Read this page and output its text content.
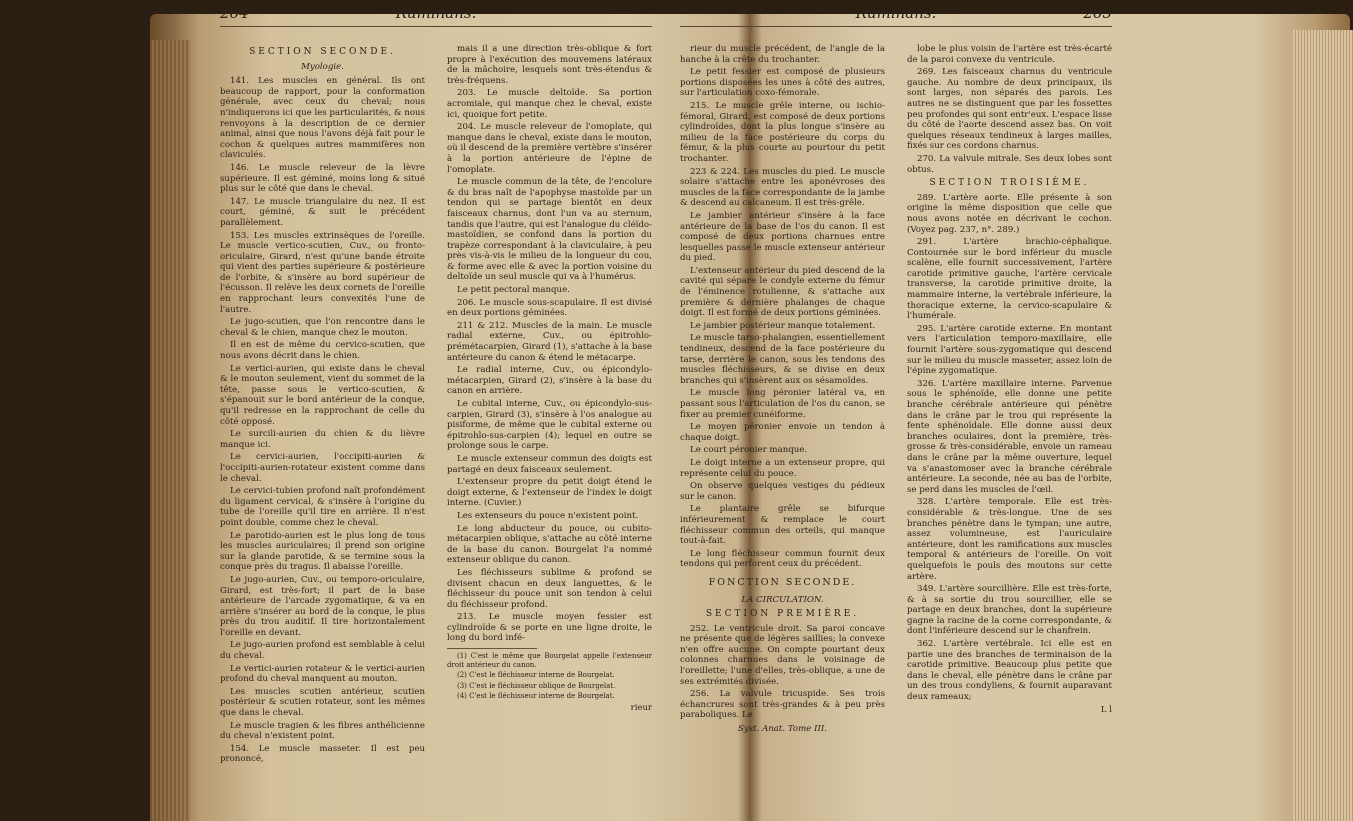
264	Ruminans.
SECTION SECONDE.
Myologie.

141. Les muscles en général. Ils ont beaucoup de rapport, pour la conformation générale, avec ceux du cheval; nous n'indiquerons ici que les particularités, & nous renvoyons à la description de ce dernier animal, ainsi que nous l'avons déjà fait pour le cochon & quelques autres mammifères non claviculés.

146. Le muscle releveur de la lèvre supérieure. Il est géminé, moins long & situé plus sur le côté que dans le cheval.

147. Le muscle triangulaire du nez. Il est court, géminé, & suit le précédent parallèlement.

153. Les muscles extrinsèques de l'oreille. Le muscle vertico-scutien, Cuv., ou fronto-oriculaire, Girard, n'est qu'une bande étroite qui vient des parties supérieure & postérieure de l'orbite, & s'insère au bord supérieur de l'écusson. Il relève les deux cornets de l'oreille en rapprochant leurs convexités l'une de l'autre.

Le jugo-scutien, que l'on rencontre dans le cheval & le chien, manque chez le mouton.

Il en est de même du cervico-scutien, que nous avons décrit dans le chien.

Le vertici-aurien, qui existe dans le cheval & le mouton seulement, vient du sommet de la tête, passe sous le vertico-scutien, & s'épanouit sur le bord antérieur de la conque, qu'il redresse en la rapprochant de celle du côté opposé.

Le surcili-aurien du chien & du lièvre manque ici.

Le cervici-aurien, l'occipiti-aurien & l'occipiti-aurien-rotateur existent comme dans le cheval.

Le cervici-tubien profond naît profondément du ligament cervical, & s'insère à l'origine du tube de l'oreille qu'il tire en arrière. Il n'est point double, comme chez le cheval.

Le parotido-aurien est le plus long de tous les muscles auriculaires; il prend son origine sur la glande parotide, & se termine sous la conque près du tragus. Il abaisse l'oreille.

Le jugo-aurien, Cuv., ou temporo-oriculaire, Girard, est très-fort; il part de la base antérieure de l'arcade zygomatique, & va en arrière s'insérer au bord de la conque, le plus près du trou auditif. Il tire horizontalement l'oreille en devant.

Le jugo-aurien profond est semblable à celui du cheval.

Le vertici-aurien rotateur & le vertici-aurien profond du cheval manquent au mouton.

Les muscles scutien antérieur, scutien postérieur & scutien rotateur, sont les mêmes que dans le cheval.

Le muscle tragien & les fibres anthélicienne du cheval n'existent point.

154. Le muscle masseter. Il est peu prononcé,

mais il a une direction très-oblique & fort propre à l'exécution des mouvemens latéraux de la mâchoire, lesquels sont très-étendus & très-fréquens.

203. Le muscle deltoïde. Sa portion acromiale, qui manque chez le cheval, existe ici, quoique fort petite.

204. Le muscle releveur de l'omoplate, qui manque dans le cheval, existe dans le mouton, où il descend de la première vertèbre s'insérer à la portion antérieure de l'épine de l'omoplate.

Le muscle commun de la tête, de l'encolure & du bras naît de l'apophyse mastoïde par un tendon qui se partage bientôt en deux faisceaux charnus, dont l'un va au sternum, tandis que l'autre, qui est l'analogue du cléïdo-mastoïdien, se confond dans la portion du trapèze correspondant à la claviculaire, à peu près vis-à-vis le milieu de la longueur du cou, & forme avec elle & avec la portion voisine du deltoïde un seul muscle qui va à l'humérus.

Le petit pectoral manque.

206. Le muscle sous-scapulaire. Il est divisé en deux portions géminées.

211 & 212. Muscles de la main. Le muscle radial externe, Cuv., ou épitrohlo-prémétacarpien, Girard (1), s'attache à la base antérieure du canon & étend le métacarpe.

Le radial interne, Cuv., ou épicondylo-métacarpien, Girard (2), s'insère à la base du canon en arrière.

Le cubital interne, Cuv., ou épicondylo-sus-carpien, Girard (3), s'insère à l'os analogue au pisiforme, de même que le cubital externe ou épitrohlo-sus-carpien (4); lequel en outre se prolonge sous le carpe.

Le muscle extenseur commun des doigts est partagé en deux faisceaux seulement.

L'extenseur propre du petit doigt étend le doigt externe, & l'extenseur de l'index le doigt interne. (Cuvier.)

Les extenseurs du pouce n'existent point.

Le long abducteur du pouce, ou cubito-métacarpien oblique, s'attache au côté interne de la base du canon. Bourgelat l'a nommé extenseur oblique du canon.

Les fléchisseurs sublime & profond se divisent chacun en deux languettes, & le fléchisseur du pouce unit son tendon à celui du fléchisseur profond.

213. Le muscle moyen fessier est cylindroïde & se porte en une ligne droite, le long du bord infé-

(1) C'est le même que Bourgelat appelle l'extenseur droit antérieur du canon.

(2) C'est le fléchisseur interne de Bourgelat.

(3) C'est le fléchisseur oblique de Bourgelat.

(4) C'est le fléchisseur interne de Bourgelat.

rieur
Ruminans.	265

rieur du muscle précédent, de l'angle de la hanche à la crête du trochanter.

Le petit fessier est composé de plusieurs portions disposées les unes à côté des autres, sur l'articulation coxo-fémorale.

215. Le muscle grêle interne, ou ischio-fémoral, Girard, est composé de deux portions cylindroïdes, dont la plus longue s'insère au milieu de la face postérieure du corps du fémur, & la plus courte au pourtour du petit trochanter.

223 & 224. Les muscles du pied. Le muscle solaire s'attache entre les aponévroses des muscles de la face correspondante de la jambe & descend au calcaneum. Il est très-grêle.

Le jambier antérieur s'insère à la face antérieure de la base de l'os du canon. Il est composé de deux portions charnues entre lesquelles passe le muscle extenseur antérieur du pied.

L'extenseur antérieur du pied descend de la cavité qui sépare le condyle externe du fémur de l'éminence rotulienne, & s'attache aux première & dernière phalanges de chaque doigt. Il est formé de deux portions géminées.

Le jambier postérieur manque totalement.

Le muscle tarso-phalangien, essentiellement tendineux, descend de la face postérieure du tarse, derrière le canon, sous les tendons des muscles fléchisseurs, & se divise en deux branches qui s'insèrent aux os sésamoïdes.

Le muscle long péronier latéral va, en passant sous l'articulation de l'os du canon, se fixer au premier cunéiforme.

Le moyen péronier envoie un tendon à chaque doigt.

Le court péronier manque.

Le doigt interne a un extenseur propre, qui représente celui du pouce.

On observe quelques vestiges du pédieux sur le canon.

Le plantaire grêle se bifurque inférieurement & remplace le court fléchisseur commun des orteils, qui manque tout-à-fait.

Le long fléchisseur commun fournit deux tendons qui perforent ceux du précédent.

FONCTION SECONDE.
LA CIRCULATION.
SECTION PREMIÈRE.

252. Le ventricule droit. Sa paroi concave ne présente que de légères saillies; la convexe n'en offre aucune. On compte pourtant deux colonnes charnues dans le voisinage de l'oreillette; l'une d'elles, très-oblique, a une de ses extrémités divisée.

256. La valvule tricuspide. Ses trois échancrures sont très-grandes & à peu près paraboliques. Le

Syst. Anat. Tome III.

lobe le plus voisin de l'artère est très-écarté de la paroi convexe du ventricule.

269. Les faisceaux charnus du ventricule gauche. Au nombre de deux principaux, ils sont larges, non séparés des parois. Les autres ne se distinguent que par les fossettes peu profondes qui sont entr'eux. L'espace lisse du côté de l'aorte descend assez bas. On voit quelques réseaux tendineux à larges mailles, fixés sur ces cordons charnus.

270. La valvule mitrale. Ses deux lobes sont obtus.

SECTION TROISIÈME.

289. L'artère aorte. Elle présente à son origine la même disposition que celle que nous avons notée en décrivant le cochon. (Voyez pag. 237, n°. 289.)

291. L'artère brachio-céphalique. Contournée sur le bord inférieur du muscle scalène, elle fournit successivement, l'artère carotide primitive gauche, l'artère cervicale transverse, la carotide primitive droite, la mammaire interne, la vertébrale inférieure, la thoracique externe, la cervico-scapulaire & l'humérale.

295. L'artère carotide externe. En montant vers l'articulation temporo-maxillaire, elle fournit l'artère sous-zygomatique qui descend sur le milieu du muscle masseter, assez loin de l'épine zygomatique.

326. L'artère maxillaire interne. Parvenue sous le sphénoïde, elle donne une petite branche cérébrale antérieure qui pénètre dans le crâne par le trou qui représente la fente sphénoïdale. Elle donne aussi deux branches oculaires, dont la première, très-grosse & très-considérable, envoie un rameau dans le crâne par la même ouverture, lequel va s'anastomoser avec la branche cérébrale antérieure. La seconde, née au bas de l'orbite, se perd dans les muscles de l'œil.

328. L'artère temporale. Elle est très-considérable & très-longue. Une de ses branches pénètre dans le tympan; une autre, assez volumineuse, est l'auriculaire antérieure, dont les ramifications aux muscles temporal & antérieurs de l'oreille. On voit quelquefois le pouls des moutons sur cette artère.

349. L'artère sourcillière. Elle est très-forte, & à sa sortie du trou sourcillier, elle se partage en deux branches, dont la supérieure gagne la racine de la corne correspondante, & dont l'inférieure descend sur le chanfrein.

362. L'artère vertébrale. Ici elle est en partie une des branches de terminaison de la carotide primitive. Beaucoup plus petite que dans le cheval, elle pénètre dans le crâne par un des trous condyliens, & fournit auparavant deux rameaux;

L l
